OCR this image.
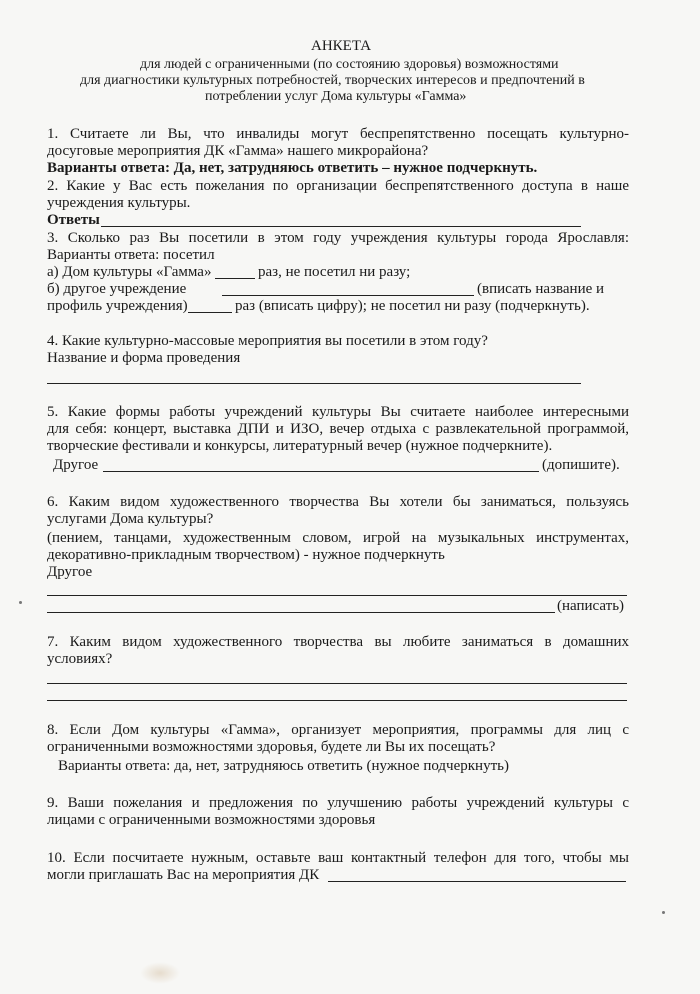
АНКЕТА
для людей с ограниченными (по состоянию здоровья) возможностями
для диагностики культурных потребностей, творческих интересов и предпочтений в
потреблении услуг Дома культуры «Гамма»
1. Считаете ли Вы, что инвалиды могут беспрепятственно посещать культурно-
досуговые мероприятия ДК «Гамма» нашего микрорайона?
Варианты ответа: Да, нет, затрудняюсь ответить – нужное подчеркнуть.
2. Какие у Вас есть пожелания по организации беспрепятственного доступа в наше
учреждения культуры.
Ответы
3. Сколько раз Вы посетили в этом году учреждения культуры города Ярославля:
Варианты ответа: посетил
а) Дом культуры «Гамма»	раз, не посетил ни разу;
б) другое учреждение	(вписать название и
профиль учреждения)	раз (вписать цифру); не посетил ни разу (подчеркнуть).
4. Какие культурно-массовые мероприятия вы посетили в этом году?
Название и форма проведения
5. Какие формы работы учреждений культуры Вы считаете наиболее интересными
для себя: концерт, выставка ДПИ и ИЗО, вечер отдыха с развлекательной программой,
творческие фестивали и конкурсы, литературный вечер (нужное подчеркните).
Другое	(допишите).
6. Каким видом художественного творчества Вы хотели бы заниматься, пользуясь
услугами Дома культуры?
(пением, танцами, художественным словом, игрой на музыкальных инструментах,
декоративно-прикладным творчеством) - нужное подчеркнуть
Другое
(написать)
7. Каким видом художественного творчества вы любите заниматься в домашних
условиях?
8. Если Дом культуры «Гамма», организует мероприятия, программы для лиц с
ограниченными возможностями здоровья, будете ли Вы их посещать?
Варианты ответа: да, нет, затрудняюсь ответить (нужное подчеркнуть)
9. Ваши пожелания и предложения по улучшению работы учреждений культуры с
лицами с ограниченными возможностями здоровья
10. Если посчитаете нужным, оставьте ваш контактный телефон для того, чтобы мы
могли приглашать Вас на мероприятия ДК
